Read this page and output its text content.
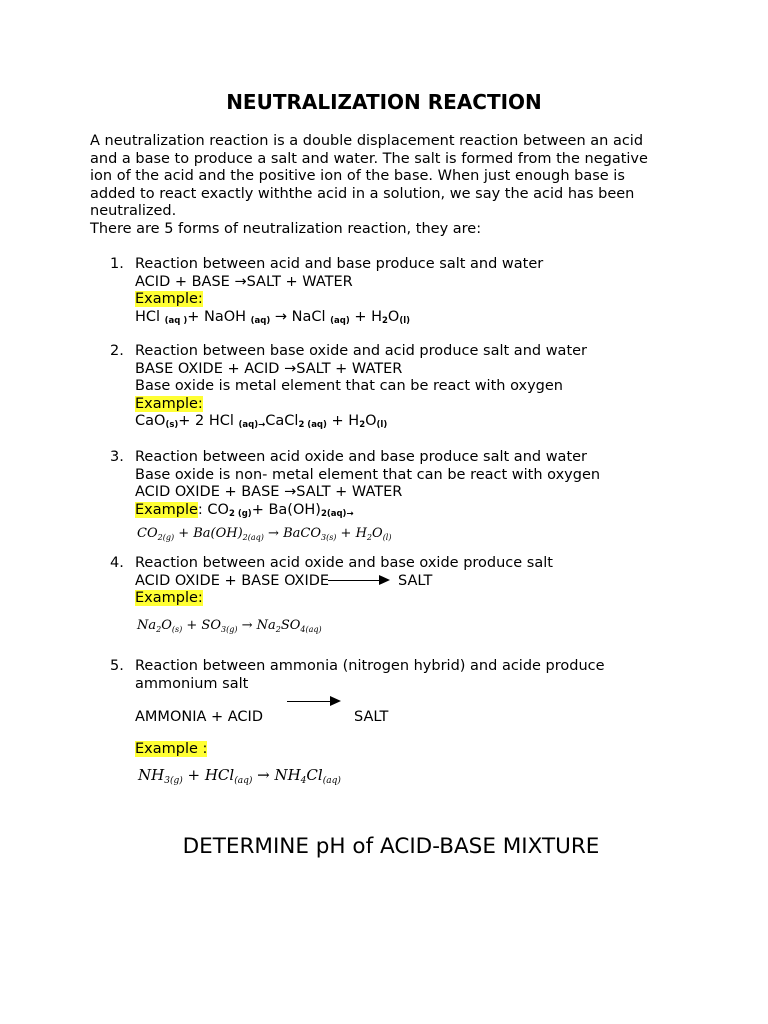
NEUTRALIZATION REACTION
A neutralization reaction is a double displacement reaction between an acid
and a base to produce a salt and water. The salt is formed from the negative
ion of the acid and the positive ion of the base. When just enough base is
added to react exactly withthe acid in a solution, we say the acid has been
neutralized.
There are 5 forms of neutralization reaction, they are:
1. Reaction between acid and base produce salt and water
ACID + BASE →SALT + WATER
Example:
HCl $_{(aq )}$+ NaOH $_{(aq)}$ → NaCl $_{(aq)} + H_2O_{(l)}$
2. Reaction between base oxide and acid produce salt and water
BASE OXIDE + ACID →SALT + WATER
Base oxide is metal element that can be react with oxygen
Example:
CaO$_{(s)}$+ 2 HCl $_{(aq)\to}$CaCl$_{2 (aq)}$ + $H_2O_{(l)}$
3. Reaction between acid oxide and base produce salt and water
Base oxide is non- metal element that can be react with oxygen
ACID OXIDE + BASE →SALT + WATER
Example: $CO_{2 (g)}+ Ba(OH)_{2(aq)\to}$
$CO_{2(g)} + Ba(OH)_{2(aq)}$ → BaCO$_{3(s)}$ + $H_2O_{(l)}$
4. Reaction between acid oxide and base oxide produce salt
ACID OXIDE + BASE OXIDE
Example:
SALT
$Na_2O_{(s)} + SO_{3(g)} \to Na_2SO_{4(aq)}$
5. Reaction between ammonia (nitrogen hybrid) and acide produce
ammonium salt
AMMONIA + ACID	SALT
Example :
$NH_{3(g)} + HCl_{(aq)} \to NH_4Cl_{(aq)}$
DETERMINE pH of ACID-BASE MIXTURE
